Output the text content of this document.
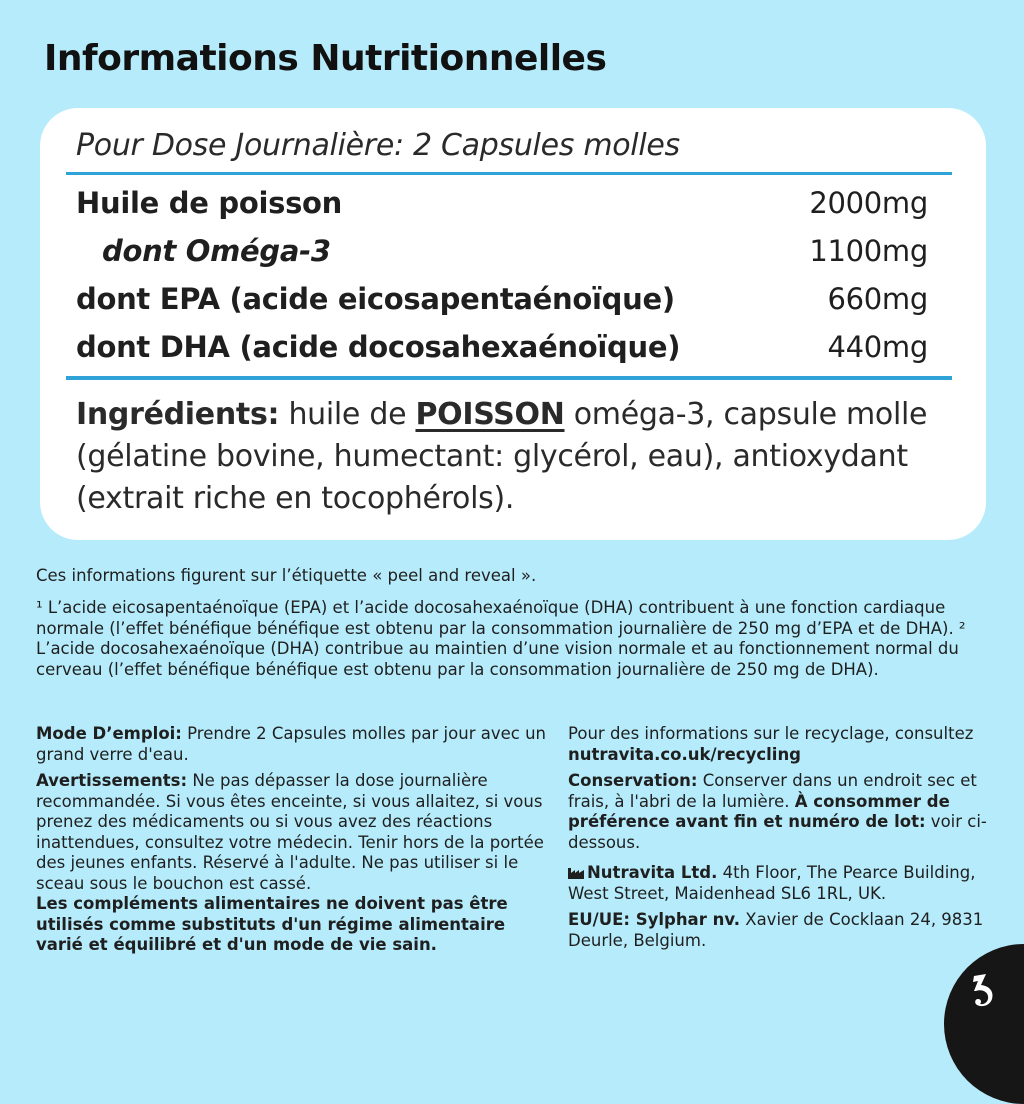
Informations Nutritionnelles
Pour Dose Journalière: 2 Capsules molles
Huile de poisson	2000mg
dont Oméga-3	1100mg
dont EPA (acide eicosapentaénoïque)	660mg
dont DHA (acide docosahexaénoïque)	440mg
Ingrédients: huile de POISSON oméga-3, capsule molle (gélatine bovine, humectant: glycérol, eau), antioxydant (extrait riche en tocophérols).
Ces informations figurent sur l’étiquette « peel and reveal ».
¹ L’acide eicosapentaénoïque (EPA) et l’acide docosahexaénoïque (DHA) contribuent à une fonction cardiaque normale (l’effet bénéfique bénéfique est obtenu par la consommation journalière de 250 mg d’EPA et de DHA). ² L’acide docosahexaénoïque (DHA) contribue au maintien d’une vision normale et au fonctionnement normal du cerveau (l’effet bénéfique bénéfique est obtenu par la consommation journalière de 250 mg de DHA).

Mode D’emploi: Prendre 2 Capsules molles par jour avec un grand verre d'eau.

Avertissements: Ne pas dépasser la dose journalière recommandée. Si vous êtes enceinte, si vous allaitez, si vous prenez des médicaments ou si vous avez des réactions inattendues, consultez votre médecin. Tenir hors de la portée des jeunes enfants. Réservé à l'adulte. Ne pas utiliser si le sceau sous le bouchon est cassé.

Les compléments alimentaires ne doivent pas être utilisés comme substituts d'un régime alimentaire varié et équilibré et d'un mode de vie sain.

Pour des informations sur le recyclage, consultez nutravita.co.uk/recycling

Conservation: Conserver dans un endroit sec et frais, à l'abri de la lumière. À consommer de préférence avant fin et numéro de lot: voir ci-dessous.

Nutravita Ltd. 4th Floor, The Pearce Building, West Street, Maidenhead SL6 1RL, UK.

EU/UE: Sylphar nv. Xavier de Cocklaan 24, 9831 Deurle, Belgium.
